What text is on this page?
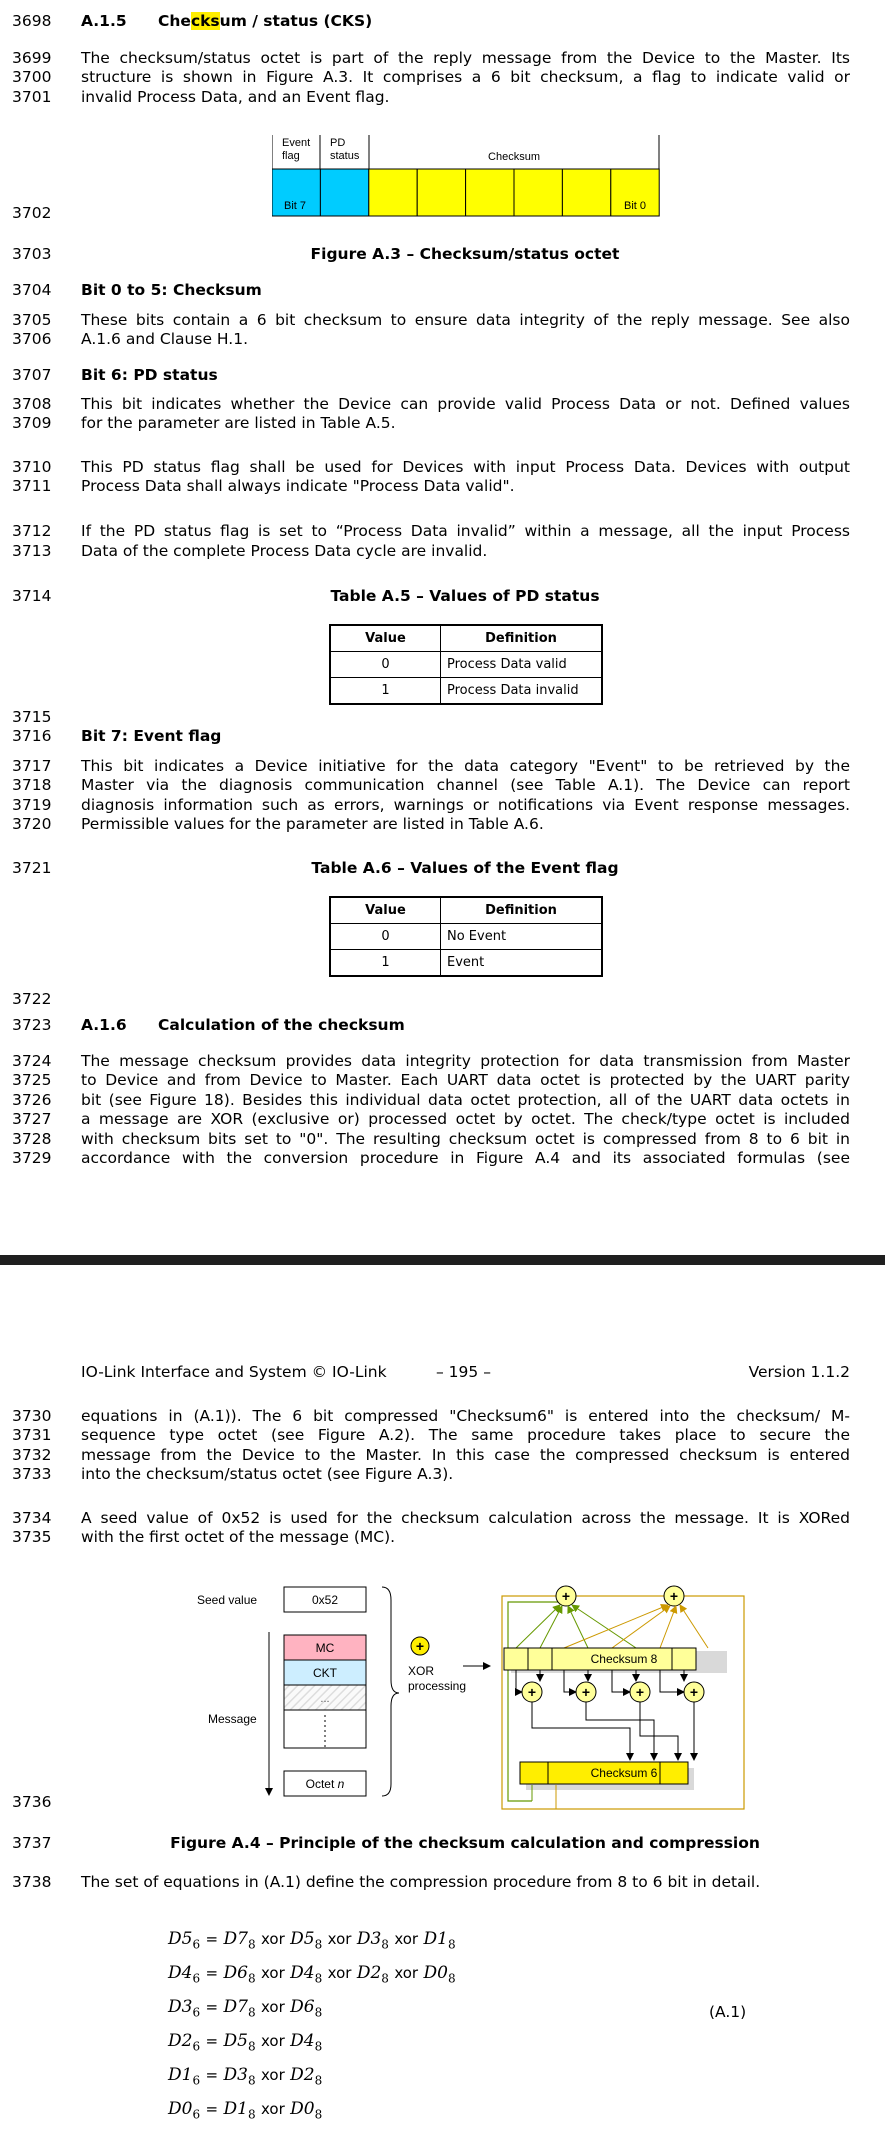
3698
3699
3700
3701
3702
3703
3704
3705
3706
3707
3708
3709
3710
3711
3712
3713
3714
3715
3716
3717
3718
3719
3720
3721
3722
3723
3724
3725
3726
3727
3728
3729
3730
3731
3732
3733
3734
3735
3736
3737
3738
A.1.5 Checksum / status (CKS)
The checksum/status octet is part of the reply message from the Device to the Master. Its
structure is shown in Figure A.3. It comprises a 6 bit checksum, a flag to indicate valid or
invalid Process Data, and an Event flag.
Event
flag
PD
status	Checksum
Bit 7	Bit 0
Figure A.3 – Checksum/status octet
Bit 0 to 5: Checksum
These bits contain a 6 bit checksum to ensure data integrity of the reply message. See also
A.1.6 and Clause H.1.
Bit 6: PD status
This bit indicates whether the Device can provide valid Process Data or not. Defined values
for the parameter are listed in Table A.5.
This PD status flag shall be used for Devices with input Process Data. Devices with output
Process Data shall always indicate "Process Data valid".
If the PD status flag is set to “Process Data invalid” within a message, all the input Process
Data of the complete Process Data cycle are invalid.
Table A.5 – Values of PD status
Value	Definition
0	Process Data valid
1	Process Data invalid
Bit 7: Event flag
This bit indicates a Device initiative for the data category "Event" to be retrieved by the
Master via the diagnosis communication channel (see Table A.1). The Device can report
diagnosis information such as errors, warnings or notifications via Event response messages.
Permissible values for the parameter are listed in Table A.6.
Table A.6 – Values of the Event flag
Value	Definition
0	No Event
1	Event
A.1.6 Calculation of the checksum
The message checksum provides data integrity protection for data transmission from Master
to Device and from Device to Master. Each UART data octet is protected by the UART parity
bit (see Figure 18). Besides this individual data octet protection, all of the UART data octets in
a message are XOR (exclusive or) processed octet by octet. The check/type octet is included
with checksum bits set to "0". The resulting checksum octet is compressed from 8 to 6 bit in
accordance with the conversion procedure in Figure A.4 and its associated formulas (see
IO-Link Interface and System © IO-Link	– 195 –	Version 1.1.2
equations in (A.1)). The 6 bit compressed "Checksum6" is entered into the checksum/ M-
sequence type octet (see Figure A.2). The same procedure takes place to secure the
message from the Device to the Master. In this case the compressed checksum is entered
into the checksum/status octet (see Figure A.3).
A seed value of 0x52 is used for the checksum calculation across the message. It is XORed
with the first octet of the message (MC).
Seed value	0x52
MC
CKT
...
Message
Octet n
+
XOR
processing
+	+
Checksum 8
+	+	+	+
Checksum 6
Figure A.4 – Principle of the checksum calculation and compression
The set of equations in (A.1) define the compression procedure from 8 to 6 bit in detail.
$D5_6 = D7_8$ xor $D5_8$ xor $D3_8$ xor $D1_8$
$D4_6 = D6_8$ xor $D4_8$ xor $D2_8$ xor $D0_8$
$D3_6 = D7_8$ xor $D6_8$
$D2_6 = D5_8$ xor $D4_8$
$D1_6 = D3_8$ xor $D2_8$
$D0_6 = D1_8$ xor $D0_8$
(A.1)
